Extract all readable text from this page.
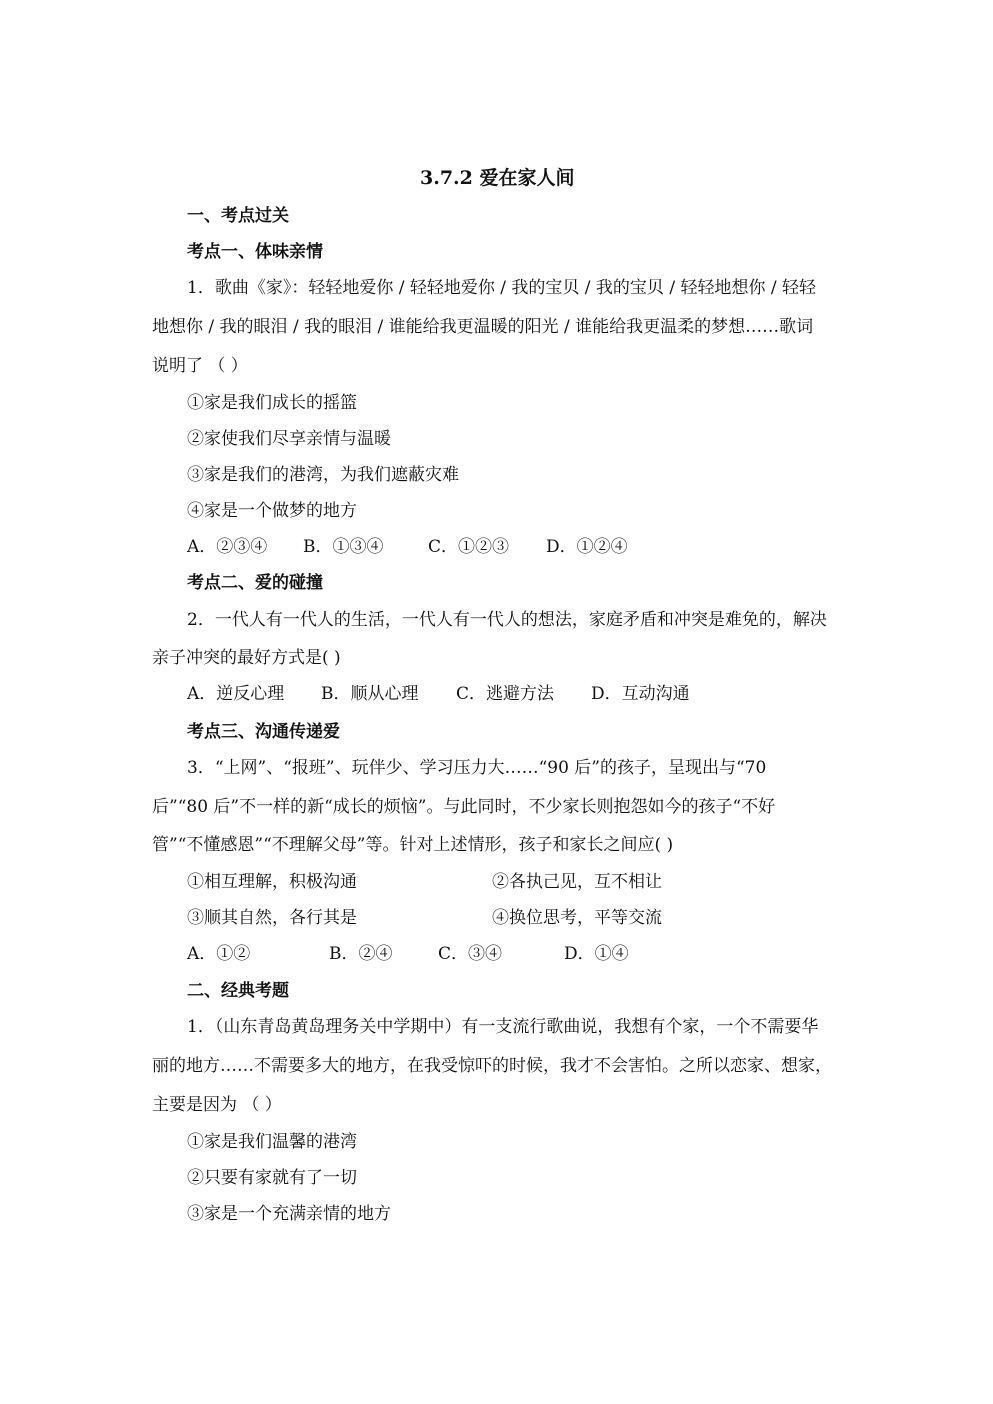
3.7.2 爱在家人间
一、考点过关
考点一、体味亲情
1．歌曲《家》：轻轻地爱你 / 轻轻地爱你 / 我的宝贝 / 我的宝贝 / 轻轻地想你 / 轻轻
地想你 / 我的眼泪 / 我的眼泪 / 谁能给我更温暖的阳光 / 谁能给我更温柔的梦想……歌词
说明了 （ ）
①家是我们成长的摇篮
②家使我们尽享亲情与温暖
③家是我们的港湾，为我们遮蔽灾难
④家是一个做梦的地方
A．②③④ B．①③④	C．①②③ D．①②④
考点二、爱的碰撞
2．一代人有一代人的生活，一代人有一代人的想法，家庭矛盾和冲突是难免的，解决
亲子冲突的最好方式是( )
A．逆反心理 B．顺从心理 C．逃避方法 D．互动沟通
考点三、沟通传递爱
3．“上网”、“报班”、玩伴少、学习压力大……“90 后”的孩子，呈现出与“70
后”“80 后”不一样的新“成长的烦恼”。与此同时，不少家长则抱怨如今的孩子“不好
管”“不懂感恩”“不理解父母”等。针对上述情形，孩子和家长之间应( )
①相互理解，积极沟通	②各执己见，互不相让
③顺其自然，各行其是	④换位思考，平等交流
A．①②	B．②④	C．③④	D．①④
二、经典考题
1．（山东青岛黄岛理务关中学期中）有一支流行歌曲说，我想有个家，一个不需要华
丽的地方……不需要多大的地方，在我受惊吓的时候，我才不会害怕。之所以恋家、想家，
主要是因为 （ ）
①家是我们温馨的港湾
②只要有家就有了一切
③家是一个充满亲情的地方
